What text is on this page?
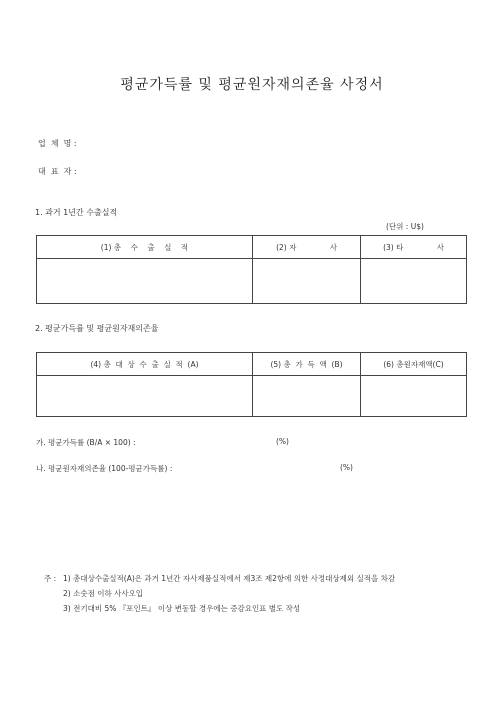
평균가득률 및 평균원자재의존율 사정서
업  체  명 :
대  표  자 :
1. 과거 1년간 수출실적
(단위 : U$)
(1) 총    수    출    실    적	(2) 자              사	(3) 타              사

2. 평균가득률 및 평균원자재의존율
(4) 총  대  상  수  출  실  적  (A)	(5) 총  가  득  액  (B)	(6) 총원자재액(C)

가. 평균가득률 (B/A × 100) :	(%)
나. 평균원자재의존율 (100-평균가득률) :	(%)
주 : 1) 총대상수출실적(A)은 과거 1년간 자사제품실적에서 제3조 제2항에 의한 사정대상제외 실적을 차감
2) 소숫점 이하 사사오입
3) 전기대비 5% 『포인트』 이상 변동할 경우에는 증감요인표 별도 작성
